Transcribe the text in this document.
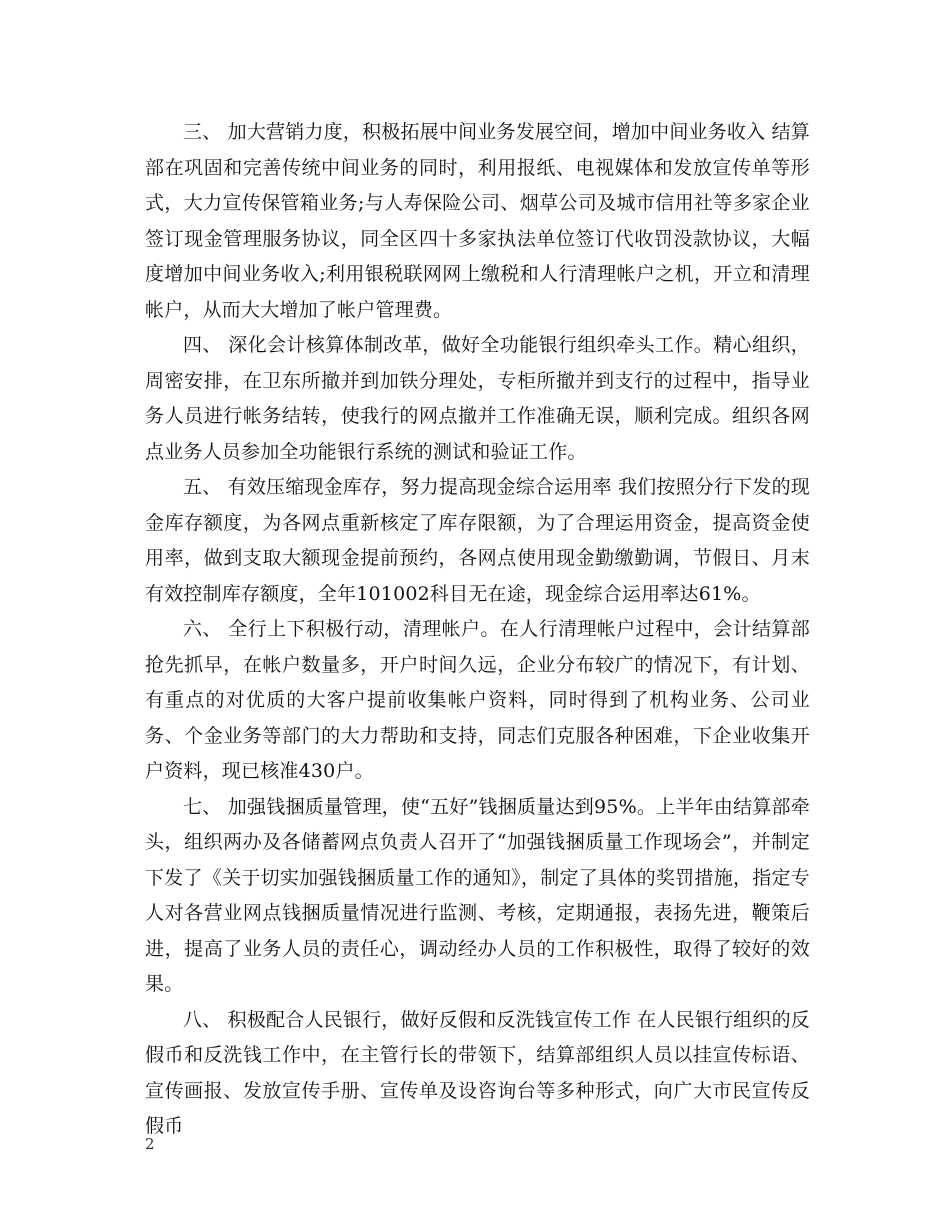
三、 加大营销力度，积极拓展中间业务发展空间，增加中间业务收入 结算部在巩固和完善传统中间业务的同时，利用报纸、电视媒体和发放宣传单等形式，大力宣传保管箱业务;与人寿保险公司、烟草公司及城市信用社等多家企业签订现金管理服务协议，同全区四十多家执法单位签订代收罚没款协议，大幅度增加中间业务收入;利用银税联网网上缴税和人行清理帐户之机，开立和清理帐户，从而大大增加了帐户管理费。

四、 深化会计核算体制改革，做好全功能银行组织牵头工作。精心组织，周密安排，在卫东所撤并到加铁分理处，专柜所撤并到支行的过程中，指导业务人员进行帐务结转，使我行的网点撤并工作准确无误，顺利完成。组织各网点业务人员参加全功能银行系统的测试和验证工作。

五、 有效压缩现金库存，努力提高现金综合运用率 我们按照分行下发的现金库存额度，为各网点重新核定了库存限额，为了合理运用资金，提高资金使用率，做到支取大额现金提前预约，各网点使用现金勤缴勤调，节假日、月末有效控制库存额度，全年101002科目无在途，现金综合运用率达61%。

六、 全行上下积极行动，清理帐户。在人行清理帐户过程中，会计结算部抢先抓早，在帐户数量多，开户时间久远，企业分布较广的情况下，有计划、有重点的对优质的大客户提前收集帐户资料，同时得到了机构业务、公司业务、个金业务等部门的大力帮助和支持，同志们克服各种困难，下企业收集开户资料，现已核准430户。

七、 加强钱捆质量管理，使“五好”钱捆质量达到95%。上半年由结算部牵头，组织两办及各储蓄网点负责人召开了“加强钱捆质量工作现场会”，并制定下发了《关于切实加强钱捆质量工作的通知》，制定了具体的奖罚措施，指定专人对各营业网点钱捆质量情况进行监测、考核，定期通报，表扬先进，鞭策后进，提高了业务人员的责任心，调动经办人员的工作积极性，取得了较好的效果。

八、 积极配合人民银行，做好反假和反洗钱宣传工作 在人民银行组织的反假币和反洗钱工作中，在主管行长的带领下，结算部组织人员以挂宣传标语、宣传画报、发放宣传手册、宣传单及设咨询台等多种形式，向广大市民宣传反假币

2
